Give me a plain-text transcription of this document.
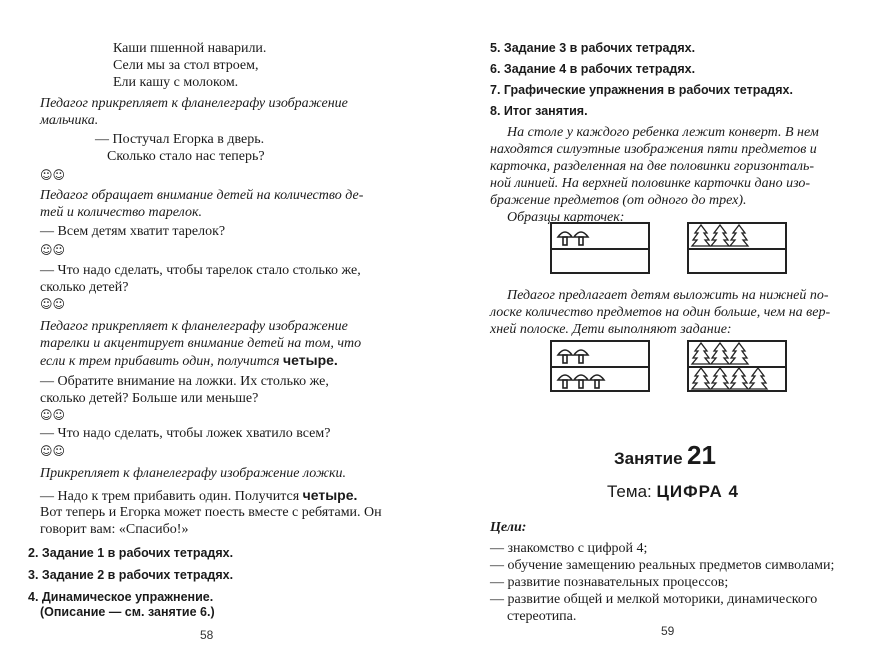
Каши пшенной наварили.
Сели мы за стол втроем,
Ели кашу с молоком.
Педагог прикрепляет к фланелеграфу изображение
мальчика.
— Постучал Егорка в дверь.
Сколько стало нас теперь?
☺☺
Педагог обращает внимание детей на количество де-
тей и количество тарелок.
— Всем детям хватит тарелок?
☺☺
— Что надо сделать, чтобы тарелок стало столько же,
сколько детей?
☺☺
Педагог прикрепляет к фланелеграфу изображение
тарелки и акцентирует внимание детей на том, что
если к трем прибавить один, получится четыре.
— Обратите внимание на ложки. Их столько же,
сколько детей? Больше или меньше?
☺☺
— Что надо сделать, чтобы ложек хватило всем?
☺☺
Прикрепляет к фланелеграфу изображение ложки.
— Надо к трем прибавить один. Получится четыре.
Вот теперь и Егорка может поесть вместе с ребятами. Он
говорит вам: «Спасибо!»
2. Задание 1 в рабочих тетрадях.
3. Задание 2 в рабочих тетрадях.
4. Динамическое упражнение.
(Описание — см. занятие 6.)
58
5. Задание 3 в рабочих тетрадях.
6. Задание 4 в рабочих тетрадях.
7. Графические упражнения в рабочих тетрадях.
8. Итог занятия.
На столе у каждого ребенка лежит конверт. В нем
находятся силуэтные изображения пяти предметов и
карточка, разделенная на две половинки горизонталь-
ной линией. На верхней половинке карточки дано изо-
бражение предметов (от одного до трех).
Образцы карточек:
Педагог предлагает детям выложить на нижней по-
лоске количество предметов на один больше, чем на вер-
хней полоске. Дети выполняют задание:
Занятие 21
Тема: ЦИФРА 4
Цели:
— знакомство с цифрой 4;
— обучение замещению реальных предметов символами;
— развитие познавательных процессов;
— развитие общей и мелкой моторики, динамического
стереотипа.
59
